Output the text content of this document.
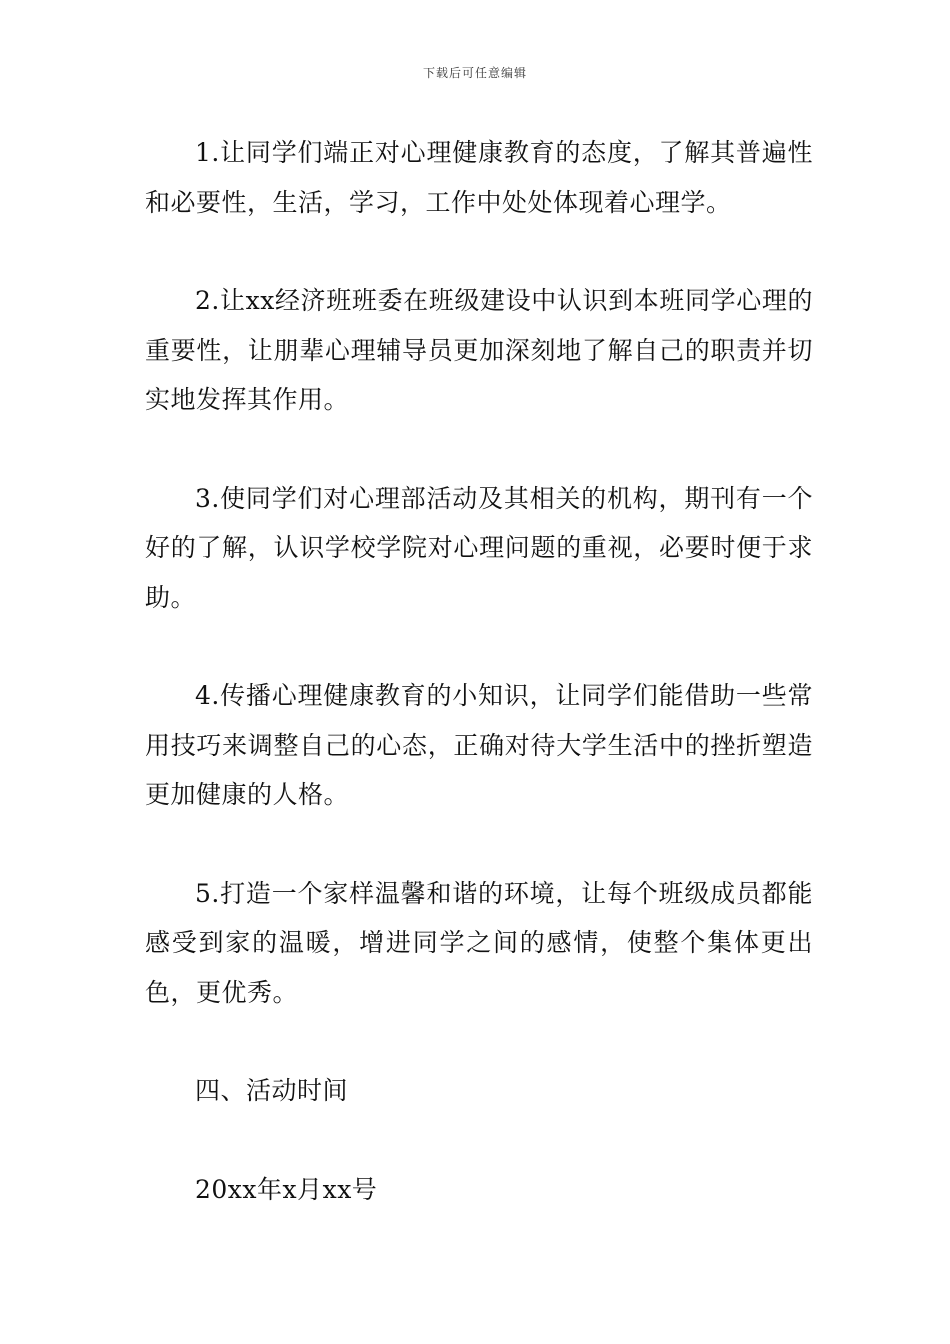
下载后可任意编辑

1.让同学们端正对心理健康教育的态度，了解其普遍性和必要性，生活，学习，工作中处处体现着心理学。

2.让xx经济班班委在班级建设中认识到本班同学心理的重要性，让朋辈心理辅导员更加深刻地了解自己的职责并切实地发挥其作用。

3.使同学们对心理部活动及其相关的机构，期刊有一个好的了解，认识学校学院对心理问题的重视，必要时便于求助。

4.传播心理健康教育的小知识，让同学们能借助一些常用技巧来调整自己的心态，正确对待大学生活中的挫折塑造更加健康的人格。

5.打造一个家样温馨和谐的环境，让每个班级成员都能感受到家的温暖，增进同学之间的感情，使整个集体更出色，更优秀。

四、活动时间

20xx年x月xx号
